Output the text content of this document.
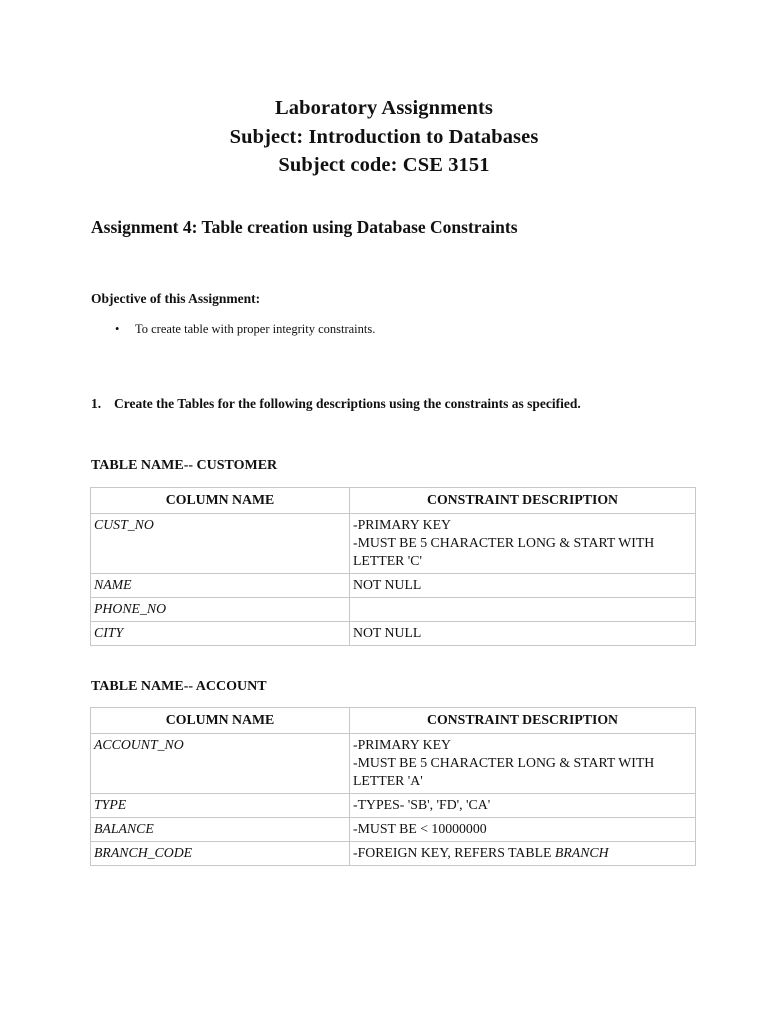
Laboratory Assignments
Subject: Introduction to Databases
Subject code: CSE 3151
Assignment 4: Table creation using Database Constraints
Objective of this Assignment:
• To create table with proper integrity constraints.
1. Create the Tables for the following descriptions using the constraints as specified.
TABLE NAME-- CUSTOMER
COLUMN NAME	CONSTRAINT DESCRIPTION
CUST_NO	-PRIMARY KEY
-MUST BE 5 CHARACTER LONG & START WITH LETTER 'C'

NAME	NOT NULL
PHONE_NO	
CITY	NOT NULL
TABLE NAME-- ACCOUNT
COLUMN NAME	CONSTRAINT DESCRIPTION
ACCOUNT_NO	-PRIMARY KEY
-MUST BE 5 CHARACTER LONG & START WITH LETTER 'A'

TYPE	-TYPES- 'SB', 'FD', 'CA'
BALANCE	-MUST BE < 10000000
BRANCH_CODE	-FOREIGN KEY, REFERS TABLE BRANCH
